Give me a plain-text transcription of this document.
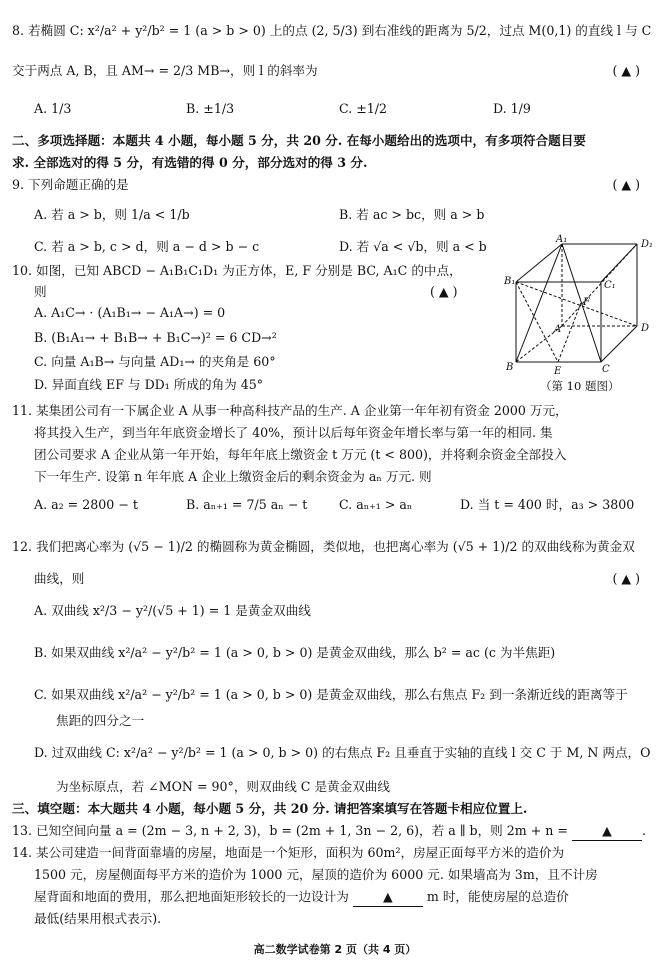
8. 若椭圆 C: x²/a² + y²/b² = 1 (a > b > 0) 上的点 (2, 5/3) 到右准线的距离为 5/2，过点 M(0,1) 的直线 l 与 C
交于两点 A, B，且 AM→ = 2/3 MB→，则 l 的斜率为	( ▲ )
A. 1/3	B. ±1/3	C. ±1/2	D. 1/9
二、多项选择题：本题共 4 小题，每小题 5 分，共 20 分. 在每小题给出的选项中，有多项符合题目要
求. 全部选对的得 5 分，有选错的得 0 分，部分选对的得 3 分.
9. 下列命题正确的是	( ▲ )
A. 若 a > b，则 1/a < 1/b	B. 若 ac > bc，则 a > b
C. 若 a > b, c > d，则 a − d > b − c	D. 若 √a < √b，则 a < b
10. 如图，已知 ABCD − A₁B₁C₁D₁ 为正方体，E, F 分别是 BC, A₁C 的中点，
则	( ▲ )
A. A₁C→ · (A₁B₁→ − A₁A→) = 0
B. (B₁A₁→ + B₁B→ + B₁C→)² = 6 CD→²
C. 向量 A₁B→ 与向量 AD₁→ 的夹角是 60°
D. 异面直线 EF 与 DD₁ 所成的角为 45°
A₁	D₁
B₁	C₁
F
A	D
B	E	C
（第 10 题图）
11. 某集团公司有一下属企业 A 从事一种高科技产品的生产. A 企业第一年年初有资金 2000 万元，
将其投入生产，到当年年底资金增长了 40%，预计以后每年资金年增长率与第一年的相同. 集
团公司要求 A 企业从第一年开始，每年年底上缴资金 t 万元 (t < 800)，并将剩余资金全部投入
下一年生产. 设第 n 年年底 A 企业上缴资金后的剩余资金为 aₙ 万元. 则
A. a₂ = 2800 − t	B. aₙ₊₁ = 7/5 aₙ − t	C. aₙ₊₁ > aₙ	D. 当 t = 400 时，a₃ > 3800
12. 我们把离心率为 (√5 − 1)/2 的椭圆称为黄金椭圆，类似地，也把离心率为 (√5 + 1)/2 的双曲线称为黄金双
曲线，则	( ▲ )
A. 双曲线 x²/3 − y²/(√5 + 1) = 1 是黄金双曲线
B. 如果双曲线 x²/a² − y²/b² = 1 (a > 0, b > 0) 是黄金双曲线，那么 b² = ac (c 为半焦距)
C. 如果双曲线 x²/a² − y²/b² = 1 (a > 0, b > 0) 是黄金双曲线，那么右焦点 F₂ 到一条渐近线的距离等于
焦距的四分之一
D. 过双曲线 C: x²/a² − y²/b² = 1 (a > 0, b > 0) 的右焦点 F₂ 且垂直于实轴的直线 l 交 C 于 M, N 两点，O
为坐标原点，若 ∠MON = 90°，则双曲线 C 是黄金双曲线
三、填空题：本大题共 4 小题，每小题 5 分，共 20 分. 请把答案填写在答题卡相应位置上.
13. 已知空间向量 a = (2m − 3, n + 2, 3)，b = (2m + 1, 3n − 2, 6)，若 a ∥ b，则 2m + n =	▲ .
14. 某公司建造一间背面靠墙的房屋，地面是一个矩形，面积为 60m²，房屋正面每平方米的造价为
1500 元，房屋侧面每平方米的造价为 1000 元，屋顶的造价为 6000 元. 如果墙高为 3m，且不计房
屋背面和地面的费用，那么把地面矩形较长的一边设计为	▲	m 时，能使房屋的总造价
最低(结果用根式表示).
高二数学试卷第 2 页（共 4 页）
